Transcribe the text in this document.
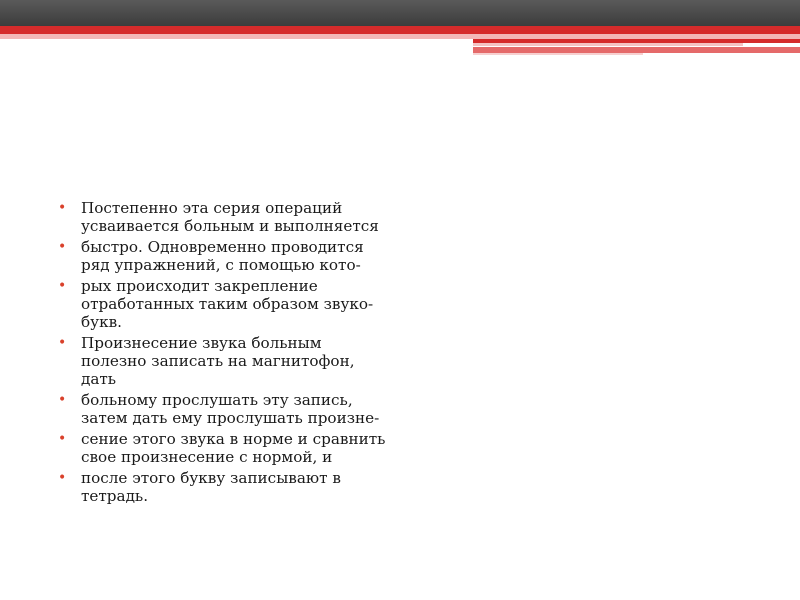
• Постепенно эта серия операций усваивается больным и выполняется
• быстро. Одновременно проводится ряд упражнений, с помощью кото-
• рых происходит закрепление отработанных таким образом звуко-букв.
• Произнесение звука больным полезно записать на магнитофон, дать
• больному прослушать эту запись, затем дать ему прослушать произне-
• сение этого звука в норме и сравнить свое произнесение с нормой, и
• после этого букву записывают в тетрадь.
